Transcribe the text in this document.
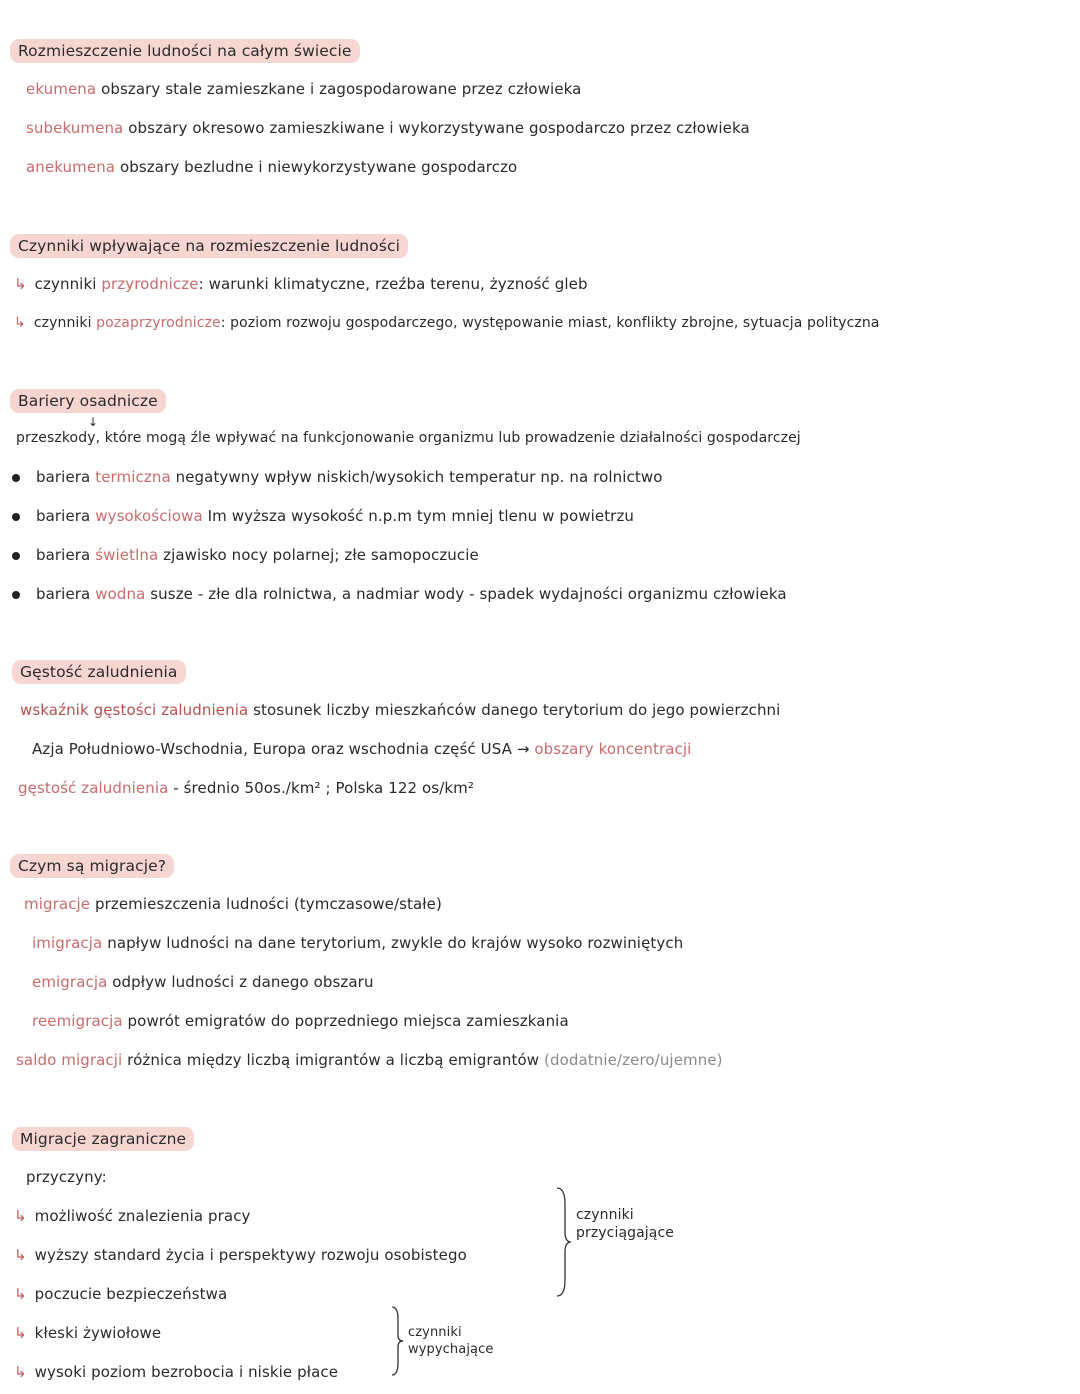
Rozmieszczenie ludności na całym świecie
ekumena obszary stale zamieszkane i zagospodarowane przez człowieka
subekumena obszary okresowo zamieszkiwane i wykorzystywane gospodarczo przez człowieka
anekumena obszary bezludne i niewykorzystywane gospodarczo
Czynniki wpływające na rozmieszczenie ludności
↳ czynniki przyrodnicze: warunki klimatyczne, rzeźba terenu, żyzność gleb
↳ czynniki pozaprzyrodnicze: poziom rozwoju gospodarczego, występowanie miast, konflikty zbrojne, sytuacja polityczna
Bariery osadnicze
↓
przeszkody, które mogą źle wpływać na funkcjonowanie organizmu lub prowadzenie działalności gospodarczej
bariera termiczna negatywny wpływ niskich/wysokich temperatur np. na rolnictwo
bariera wysokościowa Im wyższa wysokość n.p.m tym mniej tlenu w powietrzu
bariera świetlna zjawisko nocy polarnej; złe samopoczucie
bariera wodna susze - złe dla rolnictwa, a nadmiar wody - spadek wydajności organizmu człowieka
Gęstość zaludnienia
wskaźnik gęstości zaludnienia stosunek liczby mieszkańców danego terytorium do jego powierzchni
Azja Południowo-Wschodnia, Europa oraz wschodnia część USA → obszary koncentracji
gęstość zaludnienia - średnio 50os./km² ; Polska 122 os/km²
Czym są migracje?
migracje przemieszczenia ludności (tymczasowe/stałe)
imigracja napływ ludności na dane terytorium, zwykle do krajów wysoko rozwiniętych
emigracja odpływ ludności z danego obszaru
reemigracja powrót emigratów do poprzedniego miejsca zamieszkania
saldo migracji różnica między liczbą imigrantów a liczbą emigrantów (dodatnie/zero/ujemne)
Migracje zagraniczne
przyczyny:
↳ możliwość znalezienia pracy
↳ wyższy standard życia i perspektywy rozwoju osobistego
↳ poczucie bezpieczeństwa
↳ kłeski żywiołowe
↳ wysoki poziom bezrobocia i niskie płace
czynniki przyciągające
czynniki wypychające
